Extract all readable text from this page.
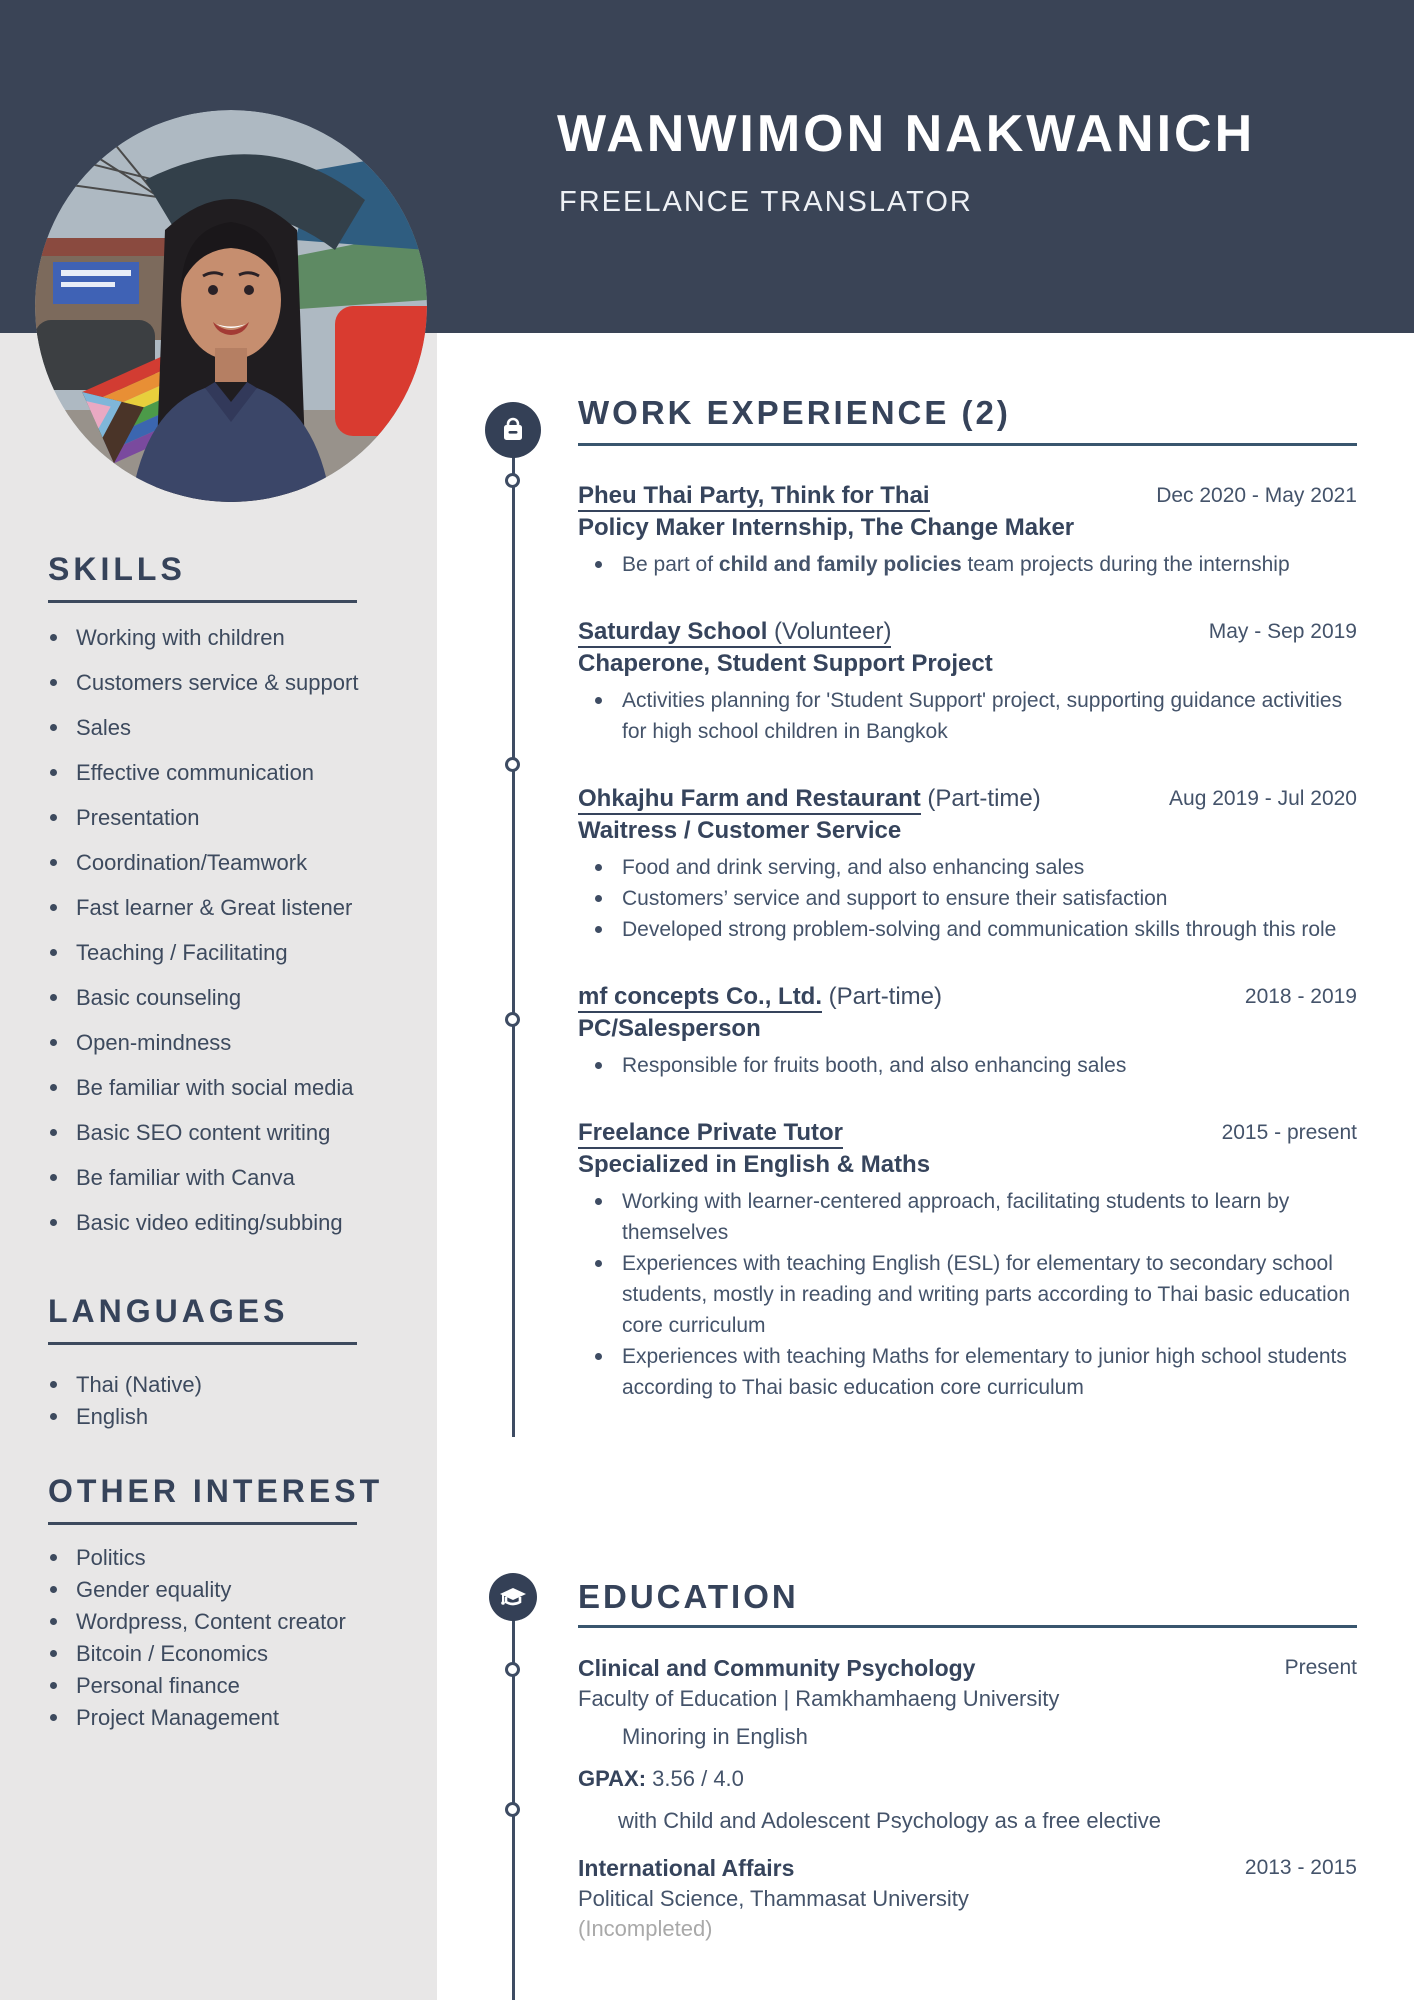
WANWIMON NAKWANICH
FREELANCE TRANSLATOR
SKILLS
Working with children
Customers service & support
Sales
Effective communication
Presentation
Coordination/Teamwork
Fast learner & Great listener
Teaching / Facilitating
Basic counseling
Open-mindness
Be familiar with social media
Basic SEO content writing
Be familiar with Canva
Basic video editing/subbing
LANGUAGES
Thai (Native)
English
OTHER INTEREST
Politics
Gender equality
Wordpress, Content creator
Bitcoin / Economics
Personal finance
Project Management
WORK EXPERIENCE (2)
Pheu Thai Party, Think for Thai	Dec 2020 - May 2021
Policy Maker Internship, The Change Maker
Be part of child and family policies team projects during the internship
Saturday School (Volunteer)	May - Sep 2019
Chaperone, Student Support Project
Activities planning for 'Student Support' project, supporting guidance activities for high school children in Bangkok
Ohkajhu Farm and Restaurant (Part-time)	Aug 2019 - Jul 2020
Waitress / Customer Service
Food and drink serving, and also enhancing sales
Customers’ service and support to ensure their satisfaction
Developed strong problem-solving and communication skills through this role
mf concepts Co., Ltd. (Part-time)	2018 - 2019
PC/Salesperson
Responsible for fruits booth, and also enhancing sales
Freelance Private Tutor	2015 - present
Specialized in English & Maths
Working with learner-centered approach, facilitating students to learn by themselves
Experiences with teaching English (ESL) for elementary to secondary school students, mostly in reading and writing parts according to Thai basic education core curriculum
Experiences with teaching Maths for elementary to junior high school students according to Thai basic education core curriculum
EDUCATION
Clinical and Community Psychology	Present
Faculty of Education | Ramkhamhaeng University
Minoring in English
GPAX: 3.56 / 4.0
with Child and Adolescent Psychology as a free elective
International Affairs	2013 - 2015
Political Science, Thammasat University
(Incompleted)
